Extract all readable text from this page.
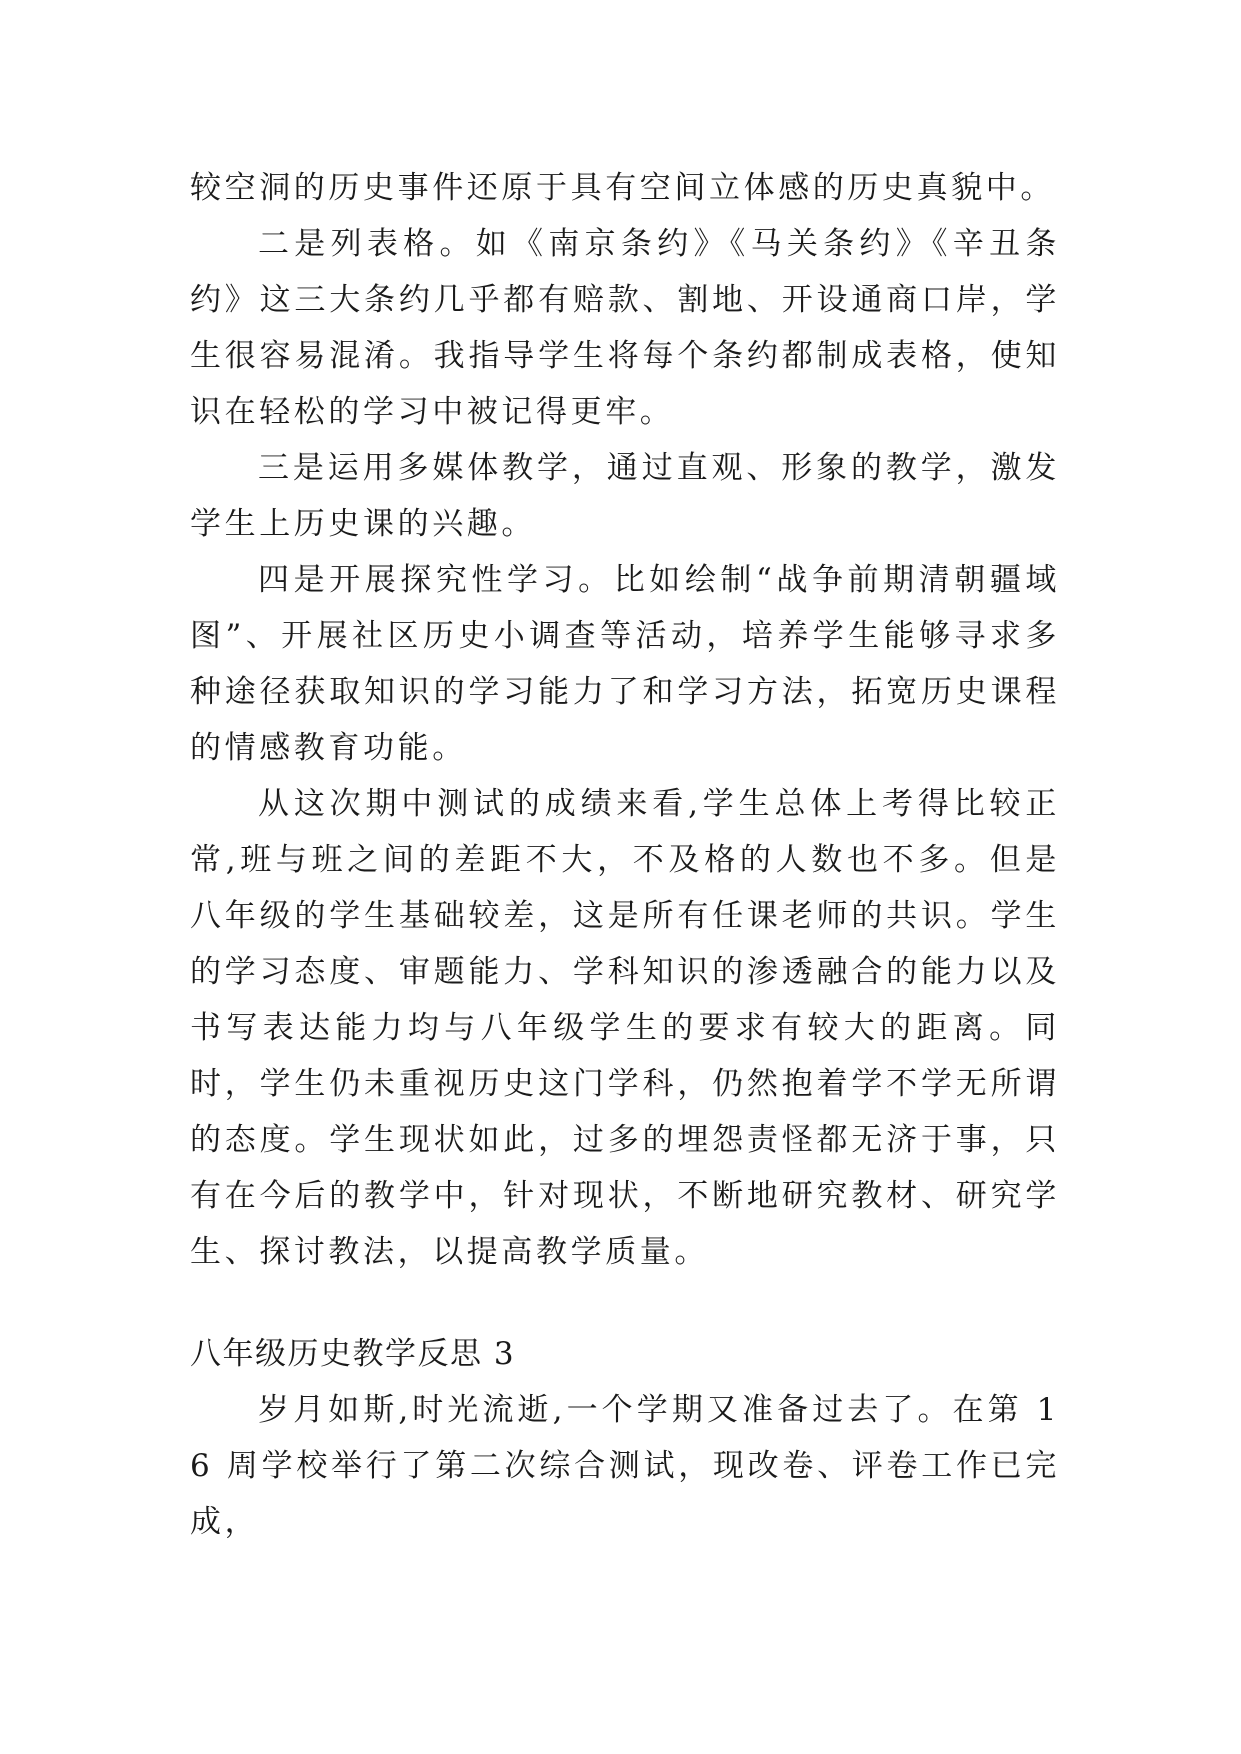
较空洞的历史事件还原于具有空间立体感的历史真貌中。

二是列表格。如《南京条约》《马关条约》《辛丑条约》这三大条约几乎都有赔款、割地、开设通商口岸，学生很容易混淆。我指导学生将每个条约都制成表格，使知识在轻松的学习中被记得更牢。

三是运用多媒体教学，通过直观、形象的教学，激发学生上历史课的兴趣。

四是开展探究性学习。比如绘制“战争前期清朝疆域图”、开展社区历史小调查等活动，培养学生能够寻求多种途径获取知识的学习能力了和学习方法，拓宽历史课程的情感教育功能。

从这次期中测试的成绩来看,学生总体上考得比较正常,班与班之间的差距不大，不及格的人数也不多。但是八年级的学生基础较差，这是所有任课老师的共识。学生的学习态度、审题能力、学科知识的渗透融合的能力以及书写表达能力均与八年级学生的要求有较大的距离。同时，学生仍未重视历史这门学科，仍然抱着学不学无所谓的态度。学生现状如此，过多的埋怨责怪都无济于事，只有在今后的教学中，针对现状，不断地研究教材、研究学生、探讨教法，以提高教学质量。

八年级历史教学反思 3

岁月如斯,时光流逝,一个学期又准备过去了。在第 16 周学校举行了第二次综合测试，现改卷、评卷工作已完成，
